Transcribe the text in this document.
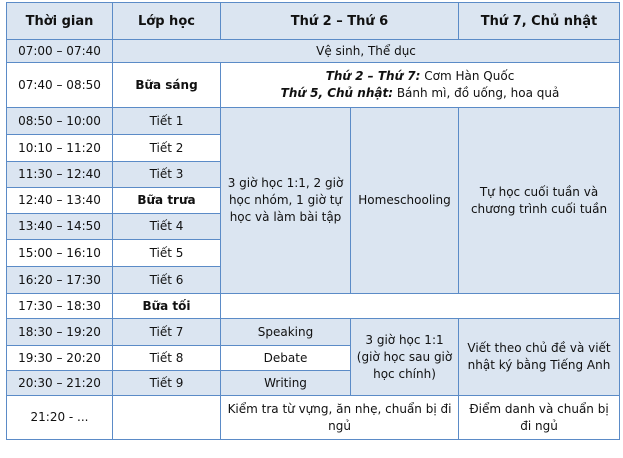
Thời gian	Lớp học	Thứ 2 – Thứ 6		Thứ 7, Chủ nhật
07:00 – 07:40	Vệ sinh, Thể dục			
07:40 – 08:50	Bữa sáng	Thứ 2 – Thứ 7: Cơm Hàn Quốc
Thứ 5, Chủ nhật: Bánh mì, đồ uống, hoa quả		

08:50 – 10:00	Tiết 1	3 giờ học 1:1, 2 giờ học nhóm, 1 giờ tự học và làm bài tập	Homeschooling	Tự học cuối tuần và chương trình cuối tuần
10:10 – 11:20	Tiết 2			
11:30 – 12:40	Tiết 3			
12:40 – 13:40	Bữa trưa			
13:40 – 14:50	Tiết 4			
15:00 – 16:10	Tiết 5			
16:20 – 17:30	Tiết 6			
17:30 – 18:30	Bữa tối			
18:30 – 19:20	Tiết 7	Speaking	3 giờ học 1:1 (giờ học sau giờ học chính)	Viết theo chủ đề và viết nhật ký bằng Tiếng Anh
19:30 – 20:20	Tiết 8	Debate		
20:30 – 21:20	Tiết 9	Writing		
21:20 - ...		Kiểm tra từ vựng, ăn nhẹ, chuẩn bị đi ngủ		Điểm danh và chuẩn bị đi ngủ
